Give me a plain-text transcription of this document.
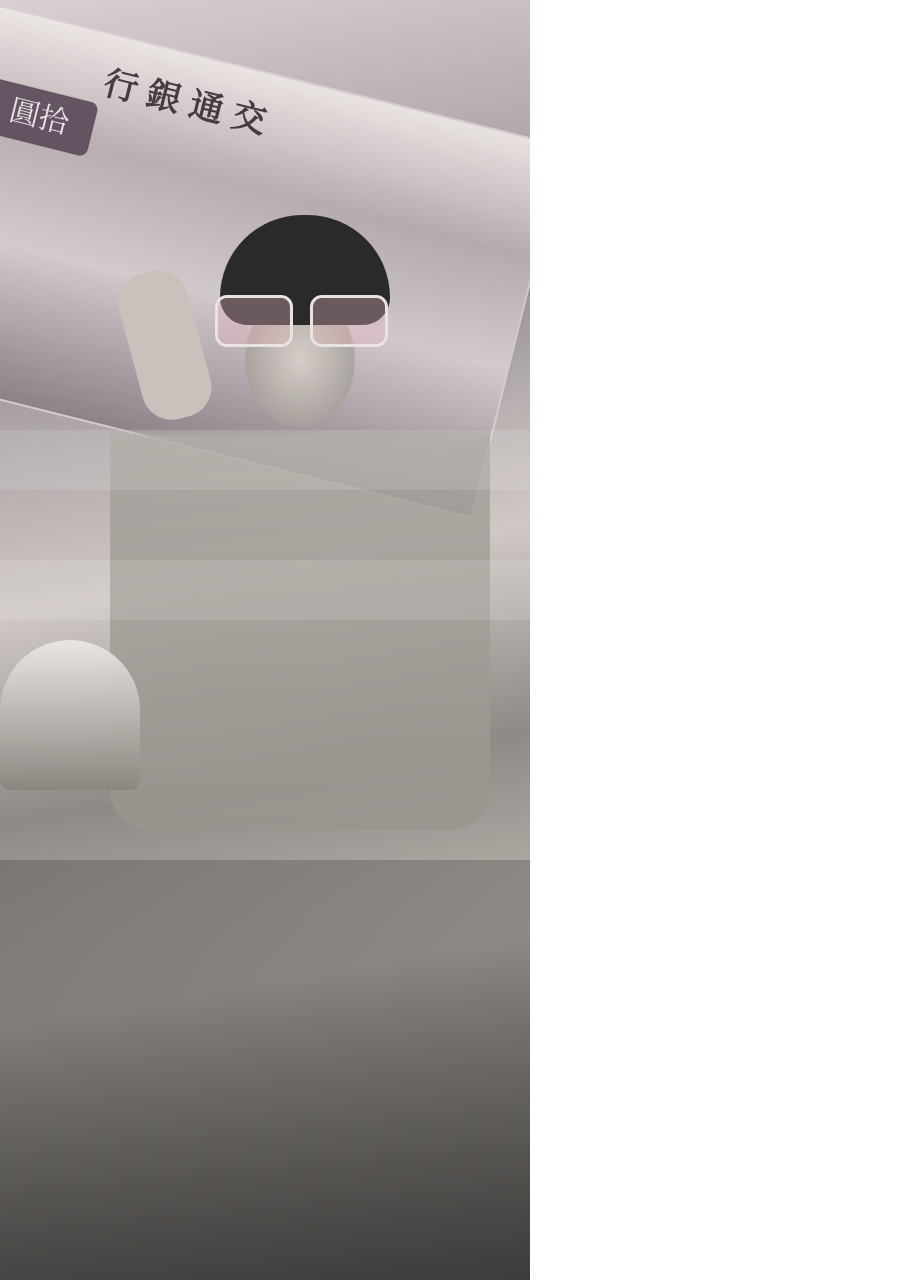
行銀通交
圓拾
